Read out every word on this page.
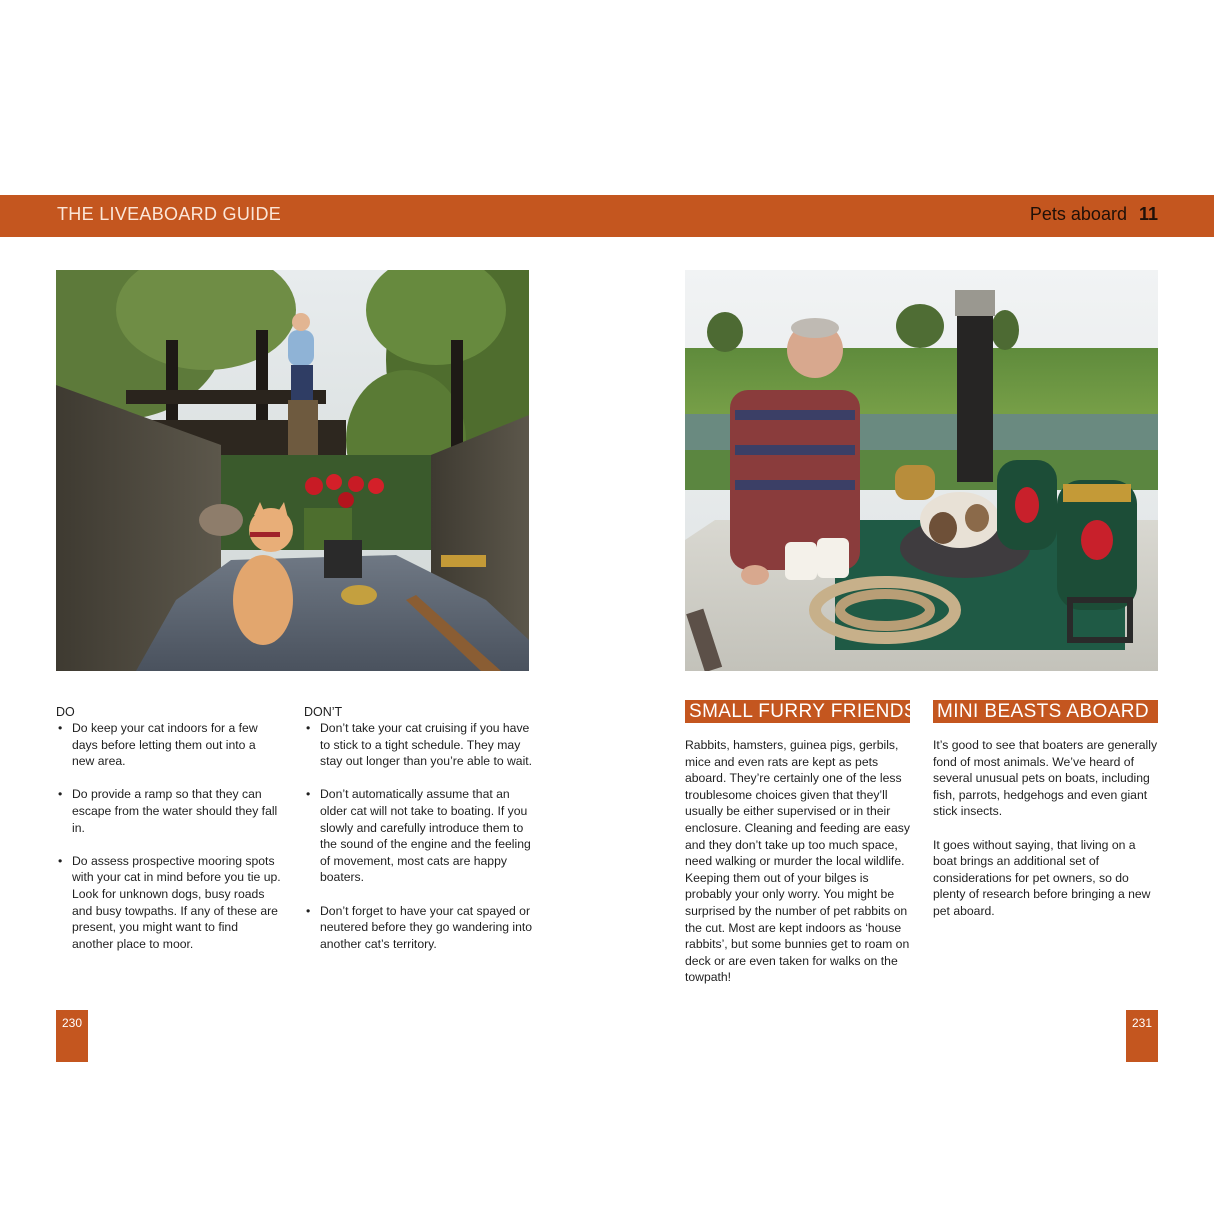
THE LIVEABOARD GUIDE	Pets aboard 11
DO
• Do keep your cat indoors for a few days before letting them out into a new area.
• Do provide a ramp so that they can escape from the water should they fall in.
• Do assess prospective mooring spots with your cat in mind before you tie up. Look for unknown dogs, busy roads and busy towpaths. If any of these are present, you might want to find another place to moor.
DON’T
• Don’t take your cat cruising if you have to stick to a tight schedule. They may stay out longer than you’re able to wait.
• Don’t automatically assume that an older cat will not take to boating. If you slowly and carefully introduce them to the sound of the engine and the feeling of movement, most cats are happy boaters.
• Don’t forget to have your cat spayed or neutered before they go wandering into another cat’s territory.
SMALL FURRY FRIENDS MINI BEASTS ABOARD

Rabbits, hamsters, guinea pigs, gerbils, mice and even rats are kept as pets aboard. They’re certainly one of the less troublesome choices given that they’ll usually be either supervised or in their enclosure. Cleaning and feeding are easy and they don’t take up too much space, need walking or murder the local wildlife. Keeping them out of your bilges is probably your only worry. You might be surprised by the number of pet rabbits on the cut. Most are kept indoors as ‘house rabbits’, but some bunnies get to roam on deck or are even taken for walks on the towpath!

It’s good to see that boaters are generally fond of most animals. We’ve heard of several unusual pets on boats, including fish, parrots, hedgehogs and even giant stick insects.

It goes without saying, that living on a boat brings an additional set of considerations for pet owners, so do plenty of research before bringing a new pet aboard.

230	231
